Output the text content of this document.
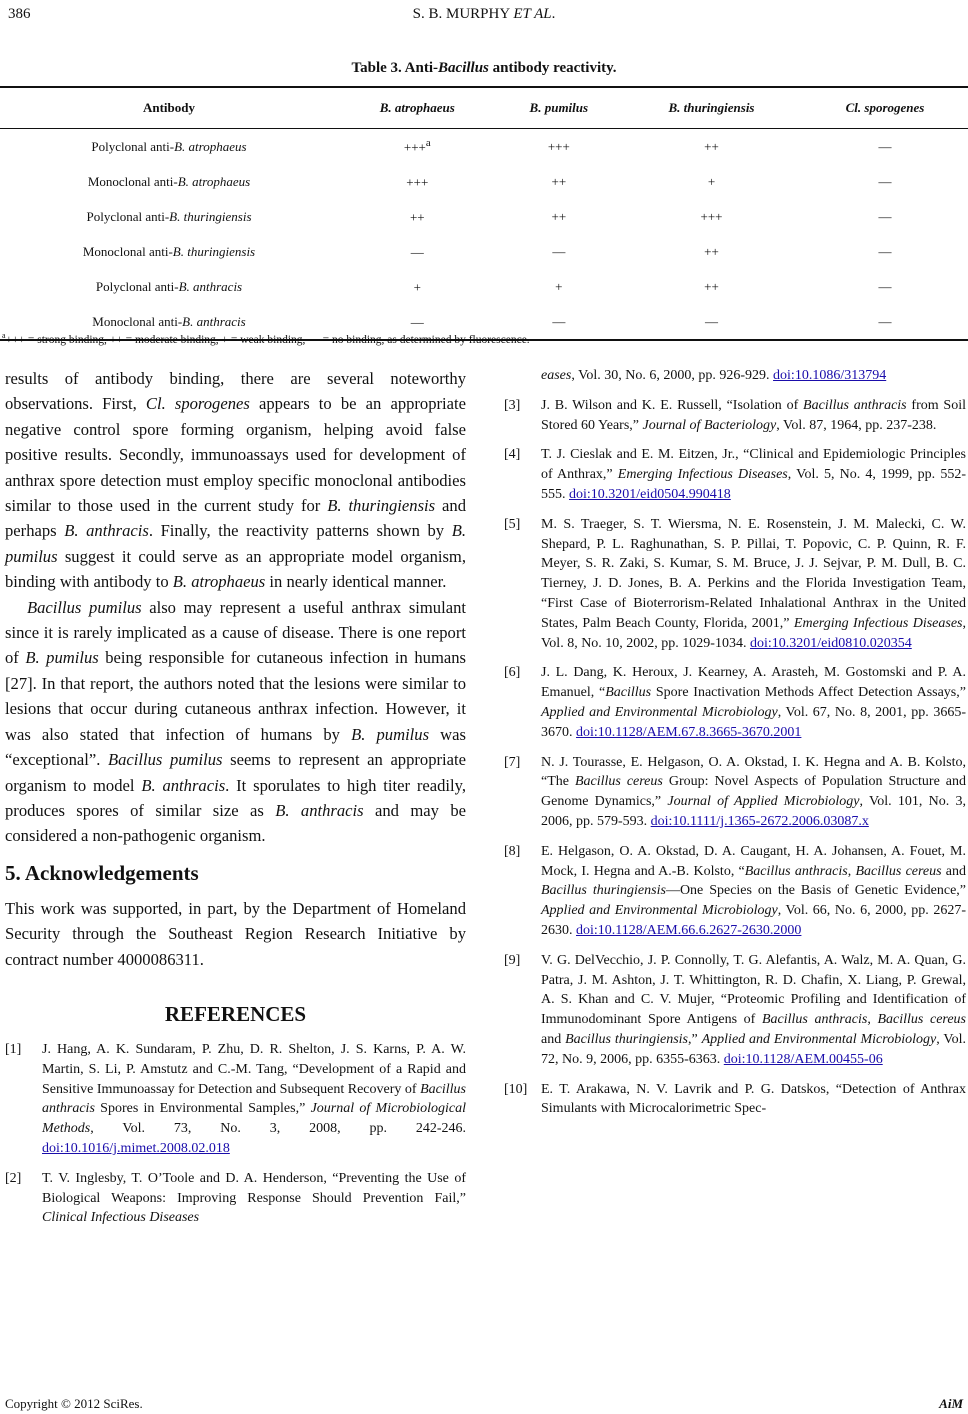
386	S. B. MURPHY ET AL.
Table 3. Anti-Bacillus antibody reactivity.
Antibody	B. atrophaeus	B. pumilus	B. thuringiensis	Cl. sporogenes
Polyclonal anti-B. atrophaeus	+++$^a$	+++	++	—
Monoclonal anti-B. atrophaeus	+++	++	+	—
Polyclonal anti-B. thuringiensis	++	++	+++	—
Monoclonal anti-B. thuringiensis	—	—	++	—
Polyclonal anti-B. anthracis	+	+	++	—
Monoclonal anti-B. anthracis	—	—	—	—
$^a$+++ = strong binding, ++ = moderate binding, + = weak binding, — = no binding, as determined by fluorescence.

results of antibody binding, there are several noteworthy observations. First, Cl. sporogenes appears to be an appropriate negative control spore forming organism, helping avoid false positive results. Secondly, immunoassays used for development of anthrax spore detection must employ specific monoclonal antibodies similar to those used in the current study for B. thuringiensis and perhaps B. anthracis. Finally, the reactivity patterns shown by B. pumilus suggest it could serve as an appropriate model organism, binding with antibody to B. atrophaeus in nearly identical manner.

Bacillus pumilus also may represent a useful anthrax simulant since it is rarely implicated as a cause of disease. There is one report of B. pumilus being responsible for cutaneous infection in humans [27]. In that report, the authors noted that the lesions were similar to lesions that occur during cutaneous anthrax infection. However, it was also stated that infection of humans by B. pumilus was “exceptional”. Bacillus pumilus seems to represent an appropriate organism to model B. anthracis. It sporulates to high titer readily, produces spores of similar size as B. anthracis and may be considered a non-pathogenic organism.

5. Acknowledgements

This work was supported, in part, by the Department of Homeland Security through the Southeast Region Research Initiative by contract number 4000086311.

REFERENCES
[1] J. Hang, A. K. Sundaram, P. Zhu, D. R. Shelton, J. S. Karns, P. A. W. Martin, S. Li, P. Amstutz and C.-M. Tang, “Development of a Rapid and Sensitive Immunoassay for Detection and Subsequent Recovery of Bacillus anthracis Spores in Environmental Samples,” Journal of Microbiological Methods, Vol. 73, No. 3, 2008, pp. 242-246. doi:10.1016/j.mimet.2008.02.018
[2] T. V. Inglesby, T. O’Toole and D. A. Henderson, “Preventing the Use of Biological Weapons: Improving Response Should Prevention Fail,” Clinical Infectious Diseases
eases, Vol. 30, No. 6, 2000, pp. 926-929. doi:10.1086/313794
[3] J. B. Wilson and K. E. Russell, “Isolation of Bacillus anthracis from Soil Stored 60 Years,” Journal of Bacteriology, Vol. 87, 1964, pp. 237-238.
[4] T. J. Cieslak and E. M. Eitzen, Jr., “Clinical and Epidemiologic Principles of Anthrax,” Emerging Infectious Diseases, Vol. 5, No. 4, 1999, pp. 552-555. doi:10.3201/eid0504.990418
[5] M. S. Traeger, S. T. Wiersma, N. E. Rosenstein, J. M. Malecki, C. W. Shepard, P. L. Raghunathan, S. P. Pillai, T. Popovic, C. P. Quinn, R. F. Meyer, S. R. Zaki, S. Kumar, S. M. Bruce, J. J. Sejvar, P. M. Dull, B. C. Tierney, J. D. Jones, B. A. Perkins and the Florida Investigation Team, “First Case of Bioterrorism-Related Inhalational Anthrax in the United States, Palm Beach County, Florida, 2001,” Emerging Infectious Diseases, Vol. 8, No. 10, 2002, pp. 1029-1034. doi:10.3201/eid0810.020354
[6] J. L. Dang, K. Heroux, J. Kearney, A. Arasteh, M. Gostomski and P. A. Emanuel, “Bacillus Spore Inactivation Methods Affect Detection Assays,” Applied and Environmental Microbiology, Vol. 67, No. 8, 2001, pp. 3665-3670. doi:10.1128/AEM.67.8.3665-3670.2001
[7] N. J. Tourasse, E. Helgason, O. A. Okstad, I. K. Hegna and A. B. Kolsto, “The Bacillus cereus Group: Novel Aspects of Population Structure and Genome Dynamics,” Journal of Applied Microbiology, Vol. 101, No. 3, 2006, pp. 579-593. doi:10.1111/j.1365-2672.2006.03087.x
[8] E. Helgason, O. A. Okstad, D. A. Caugant, H. A. Johansen, A. Fouet, M. Mock, I. Hegna and A.-B. Kolsto, “Bacillus anthracis, Bacillus cereus and Bacillus thuringiensis—One Species on the Basis of Genetic Evidence,” Applied and Environmental Microbiology, Vol. 66, No. 6, 2000, pp. 2627-2630. doi:10.1128/AEM.66.6.2627-2630.2000
[9] V. G. DelVecchio, J. P. Connolly, T. G. Alefantis, A. Walz, M. A. Quan, G. Patra, J. M. Ashton, J. T. Whittington, R. D. Chafin, X. Liang, P. Grewal, A. S. Khan and C. V. Mujer, “Proteomic Profiling and Identification of Immunodominant Spore Antigens of Bacillus anthracis, Bacillus cereus and Bacillus thuringiensis,” Applied and Environmental Microbiology, Vol. 72, No. 9, 2006, pp. 6355-6363. doi:10.1128/AEM.00455-06
[10] E. T. Arakawa, N. V. Lavrik and P. G. Datskos, “Detection of Anthrax Simulants with Microcalorimetric Spec-
Copyright © 2012 SciRes.	AiM
